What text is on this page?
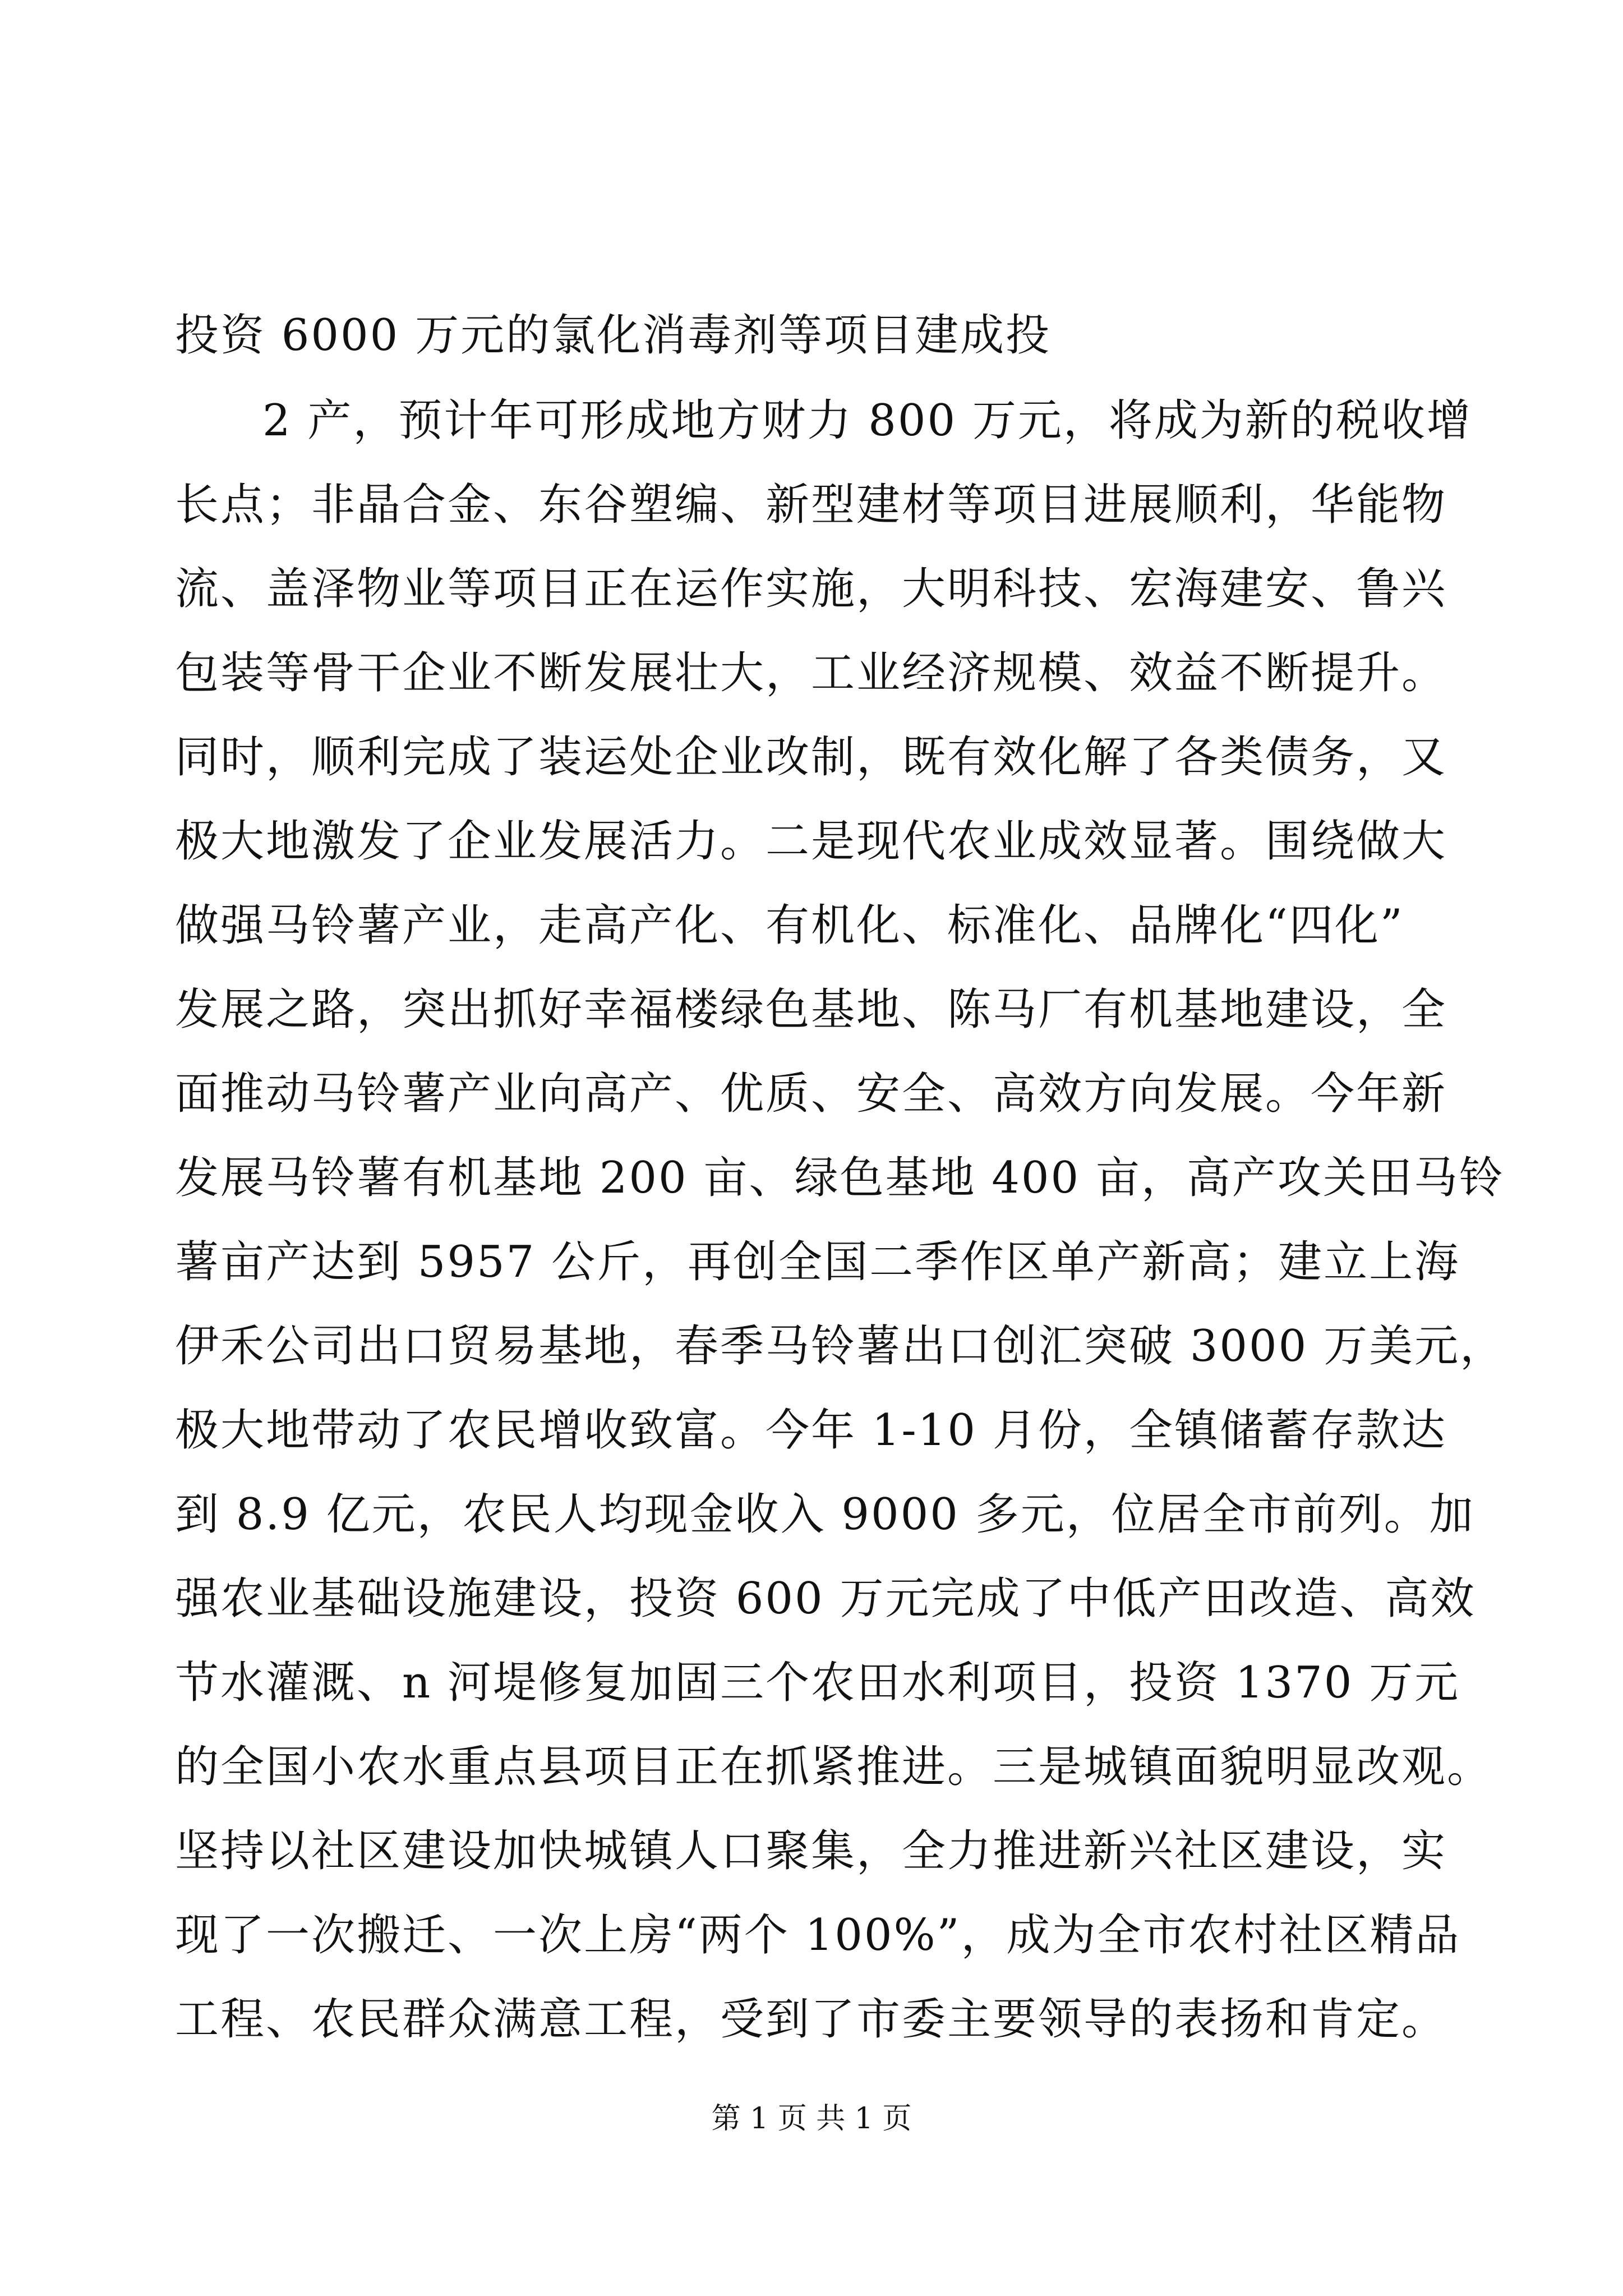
投资 6000 万元的氯化消毒剂等项目建成投
2 产，预计年可形成地方财力 800 万元，将成为新的税收增
长点；非晶合金、东谷塑编、新型建材等项目进展顺利，华能物
流、盖泽物业等项目正在运作实施，大明科技、宏海建安、鲁兴
包装等骨干企业不断发展壮大，工业经济规模、效益不断提升。
同时，顺利完成了装运处企业改制，既有效化解了各类债务，又
极大地激发了企业发展活力。二是现代农业成效显著。围绕做大
做强马铃薯产业，走高产化、有机化、标准化、品牌化“四化”
发展之路，突出抓好幸福楼绿色基地、陈马厂有机基地建设，全
面推动马铃薯产业向高产、优质、安全、高效方向发展。今年新
发展马铃薯有机基地 200 亩、绿色基地 400 亩，高产攻关田马铃
薯亩产达到 5957 公斤，再创全国二季作区单产新高；建立上海
伊禾公司出口贸易基地，春季马铃薯出口创汇突破 3000 万美元，
极大地带动了农民增收致富。今年 1-10 月份，全镇储蓄存款达
到 8.9 亿元，农民人均现金收入 9000 多元，位居全市前列。加
强农业基础设施建设，投资 600 万元完成了中低产田改造、高效
节水灌溉、n 河堤修复加固三个农田水利项目，投资 1370 万元
的全国小农水重点县项目正在抓紧推进。三是城镇面貌明显改观。
坚持以社区建设加快城镇人口聚集，全力推进新兴社区建设，实
现了一次搬迁、一次上房“两个 100%”，成为全市农村社区精品
工程、农民群众满意工程，受到了市委主要领导的表扬和肯定。
第 1 页 共 1 页
